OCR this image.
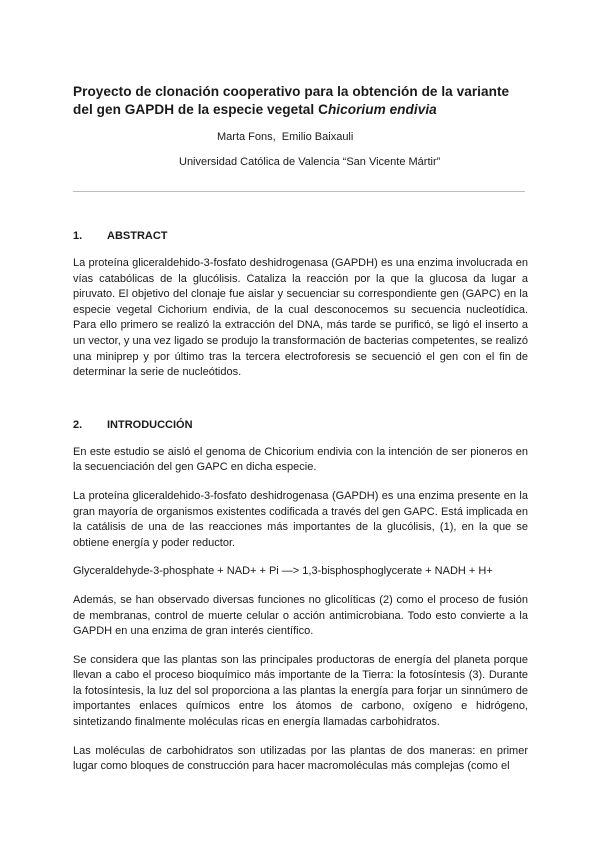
Proyecto de clonación cooperativo para la obtención de la variante del gen GAPDH de la especie vegetal Chicorium endivia
Marta Fons,  Emilio Baixauli
Universidad Católica de Valencia “San Vicente Mártir”
1.	ABSTRACT

La proteína gliceraldehido-3-fosfato deshidrogenasa (GAPDH) es una enzima involucrada en vías catabólicas de la glucólisis. Cataliza la reacción por la que la glucosa da lugar a piruvato. El objetivo del clonaje fue aislar y secuenciar su correspondiente gen (GAPC) en la especie vegetal Cichorium endivia, de la cual desconocemos su secuencia nucleotídica. Para ello primero se realizó la extracción del DNA, más tarde se purificó, se ligó el inserto a un vector, y una vez ligado se produjo la transformación de bacterias competentes, se realizó una miniprep y por último tras la tercera electroforesis se secuenció el gen con el fin de determinar la serie de nucleótidos.

2.	INTRODUCCIÓN

En este estudio se aisló el genoma de Chicorium endivia con la intención de ser pioneros en la secuenciación del gen GAPC en dicha especie.

La proteína gliceraldehido-3-fosfato deshidrogenasa (GAPDH) es una enzima presente en la gran mayoría de organismos existentes codificada a través del gen GAPC. Está implicada en la catálisis de una de las reacciones más importantes de la glucólisis, (1), en la que se obtiene energía y poder reductor.

Glyceraldehyde-3-phosphate + NAD+ + Pi —> 1,3-bisphosphoglycerate + NADH + H+

Además, se han observado diversas funciones no glicolíticas (2) como el proceso de fusión de membranas, control de muerte celular o acción antimicrobiana. Todo esto convierte a la GAPDH en una enzima de gran interés científico.

Se considera que las plantas son las principales productoras de energía del planeta porque llevan a cabo el proceso bioquímico más importante de la Tierra: la fotosíntesis (3). Durante la fotosíntesis, la luz del sol proporciona a las plantas la energía para forjar un sinnúmero de importantes enlaces químicos entre los átomos de carbono, oxígeno e hidrógeno, sintetizando finalmente moléculas ricas en energía llamadas carbohidratos.

Las moléculas de carbohidratos son utilizadas por las plantas de dos maneras: en primer lugar como bloques de construcción para hacer macromoléculas más complejas (como el
